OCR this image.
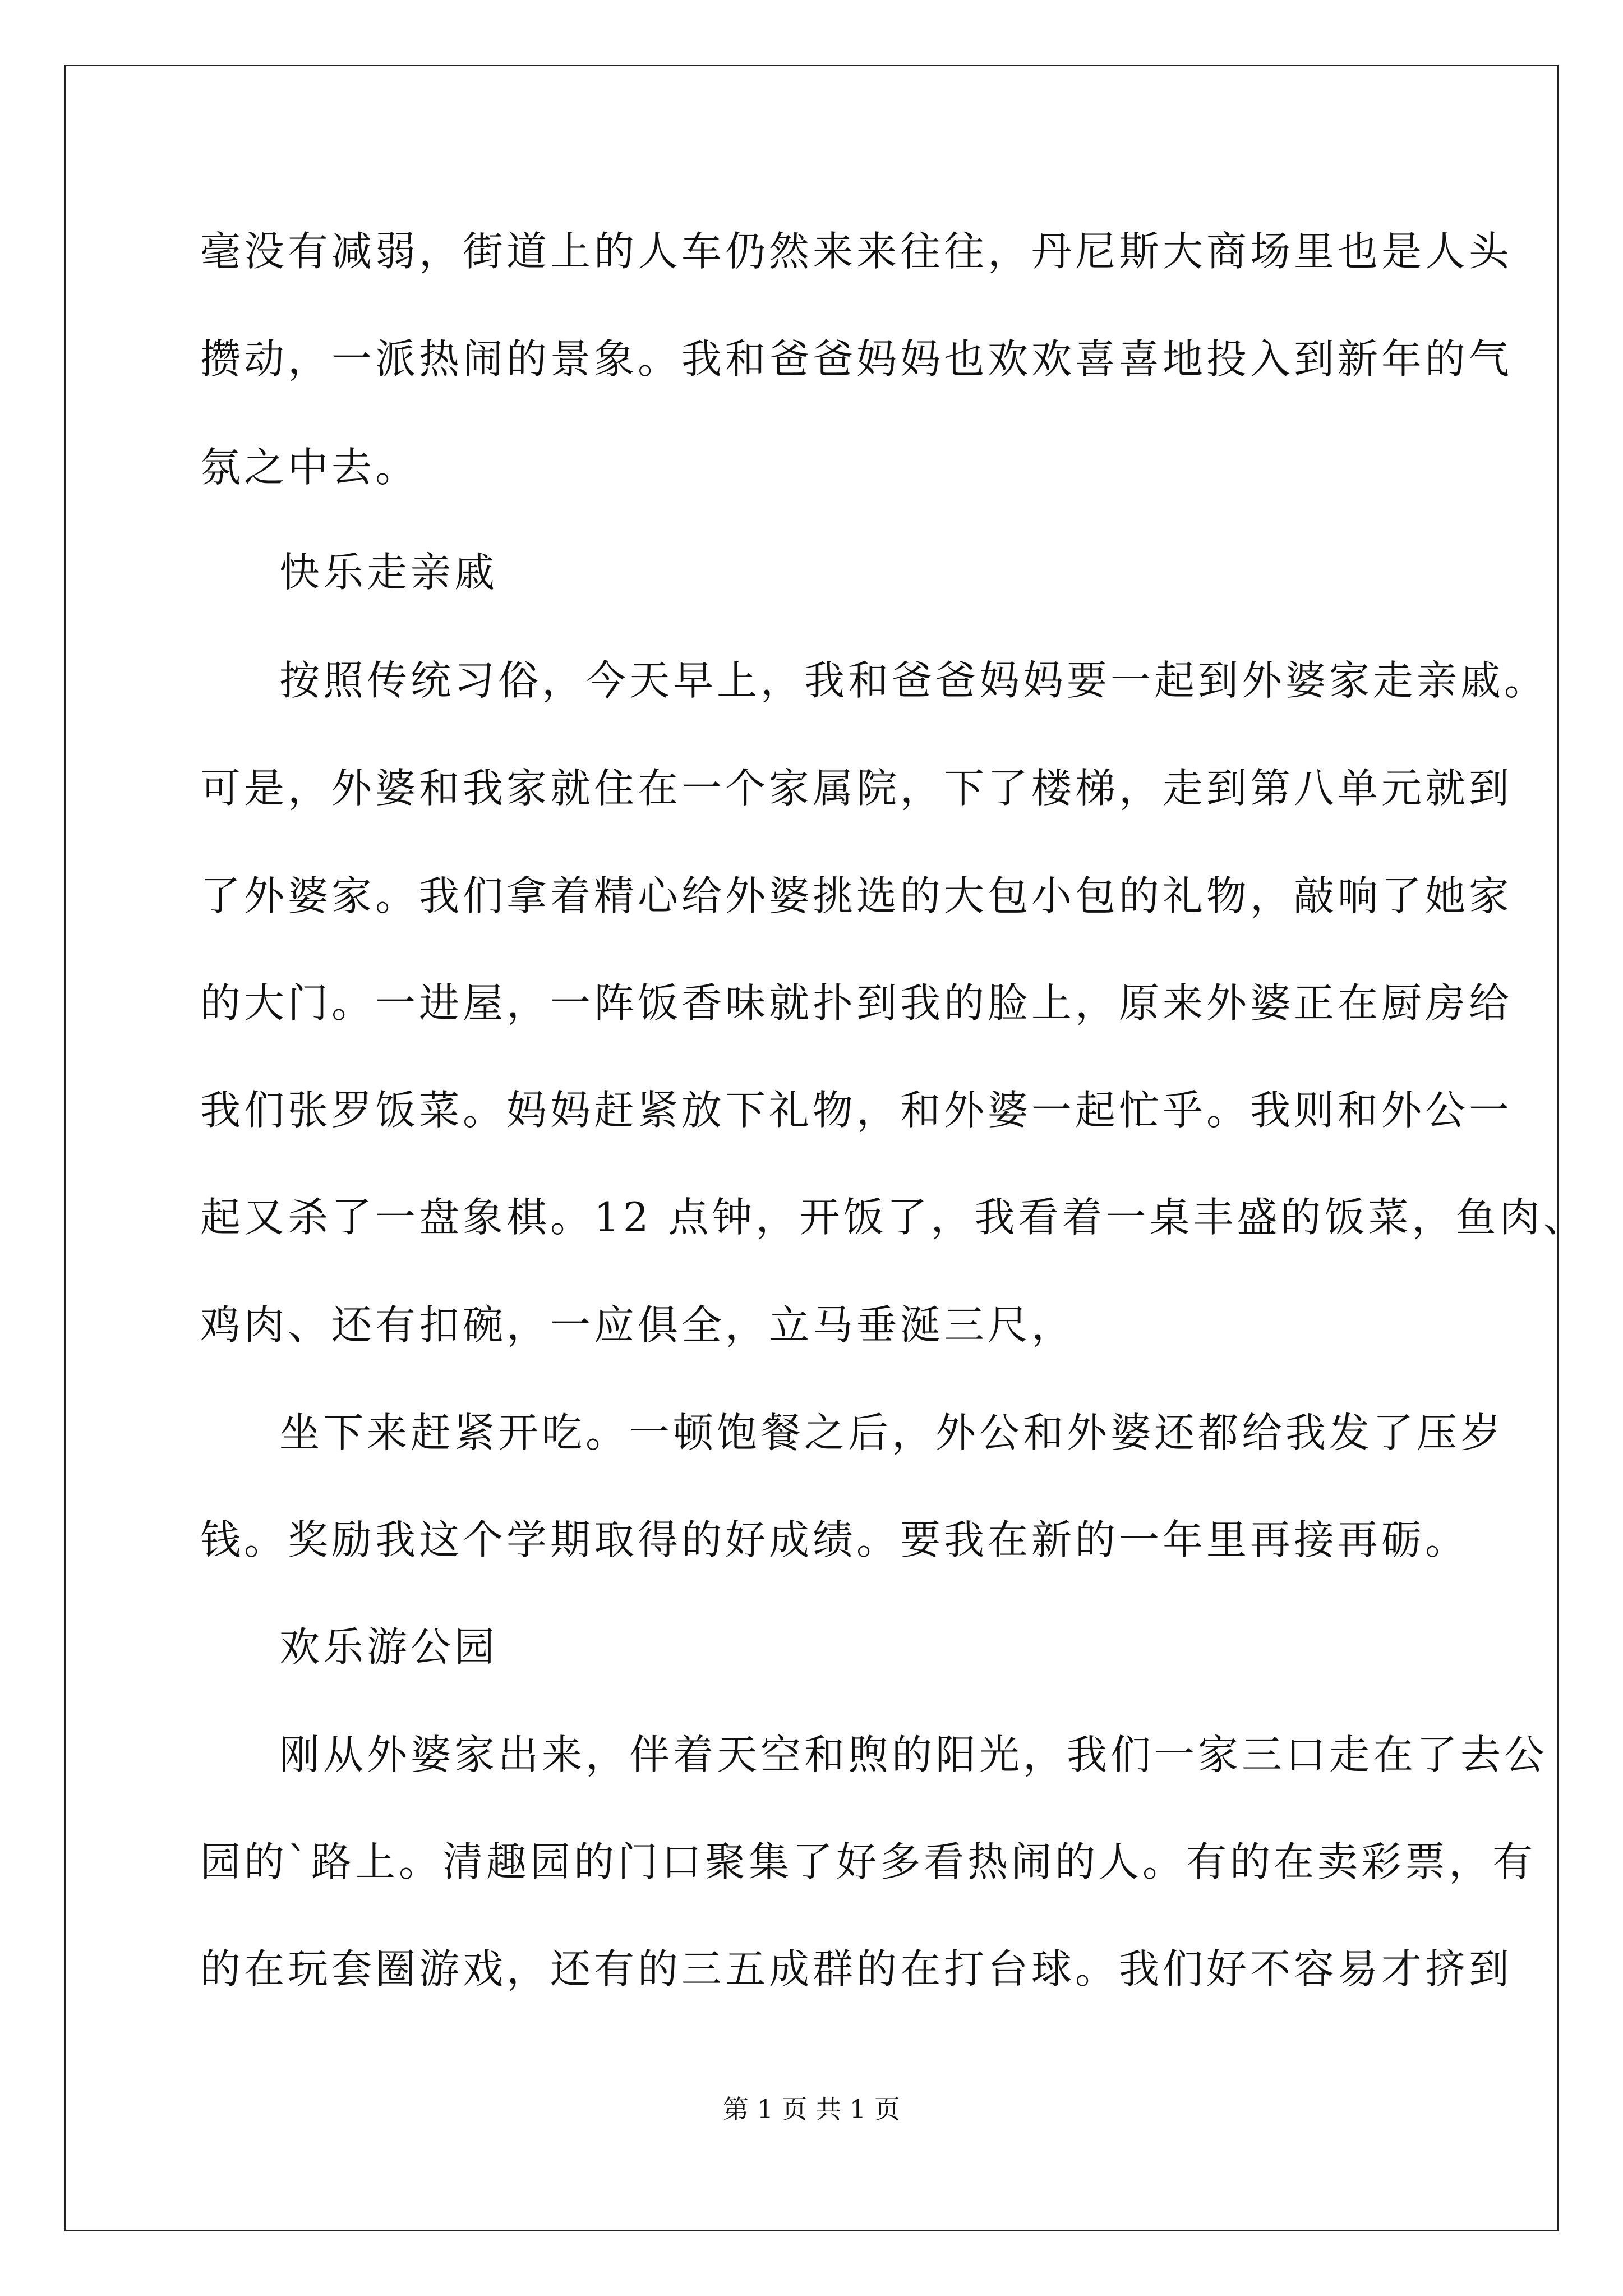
毫没有减弱，街道上的人车仍然来来往往，丹尼斯大商场里也是人头
攒动，一派热闹的景象。我和爸爸妈妈也欢欢喜喜地投入到新年的气
氛之中去。
快乐走亲戚
按照传统习俗，今天早上，我和爸爸妈妈要一起到外婆家走亲戚。
可是，外婆和我家就住在一个家属院，下了楼梯，走到第八单元就到
了外婆家。我们拿着精心给外婆挑选的大包小包的礼物，敲响了她家
的大门。一进屋，一阵饭香味就扑到我的脸上，原来外婆正在厨房给
我们张罗饭菜。妈妈赶紧放下礼物，和外婆一起忙乎。我则和外公一
起又杀了一盘象棋。12 点钟，开饭了，我看着一桌丰盛的饭菜，鱼肉、
鸡肉、还有扣碗，一应俱全，立马垂涎三尺，
坐下来赶紧开吃。一顿饱餐之后，外公和外婆还都给我发了压岁
钱。奖励我这个学期取得的好成绩。要我在新的一年里再接再砺。
欢乐游公园
刚从外婆家出来，伴着天空和煦的阳光，我们一家三口走在了去公
园的`路上。清趣园的门口聚集了好多看热闹的人。有的在卖彩票，有
的在玩套圈游戏，还有的三五成群的在打台球。我们好不容易才挤到
第 1 页 共 1 页
